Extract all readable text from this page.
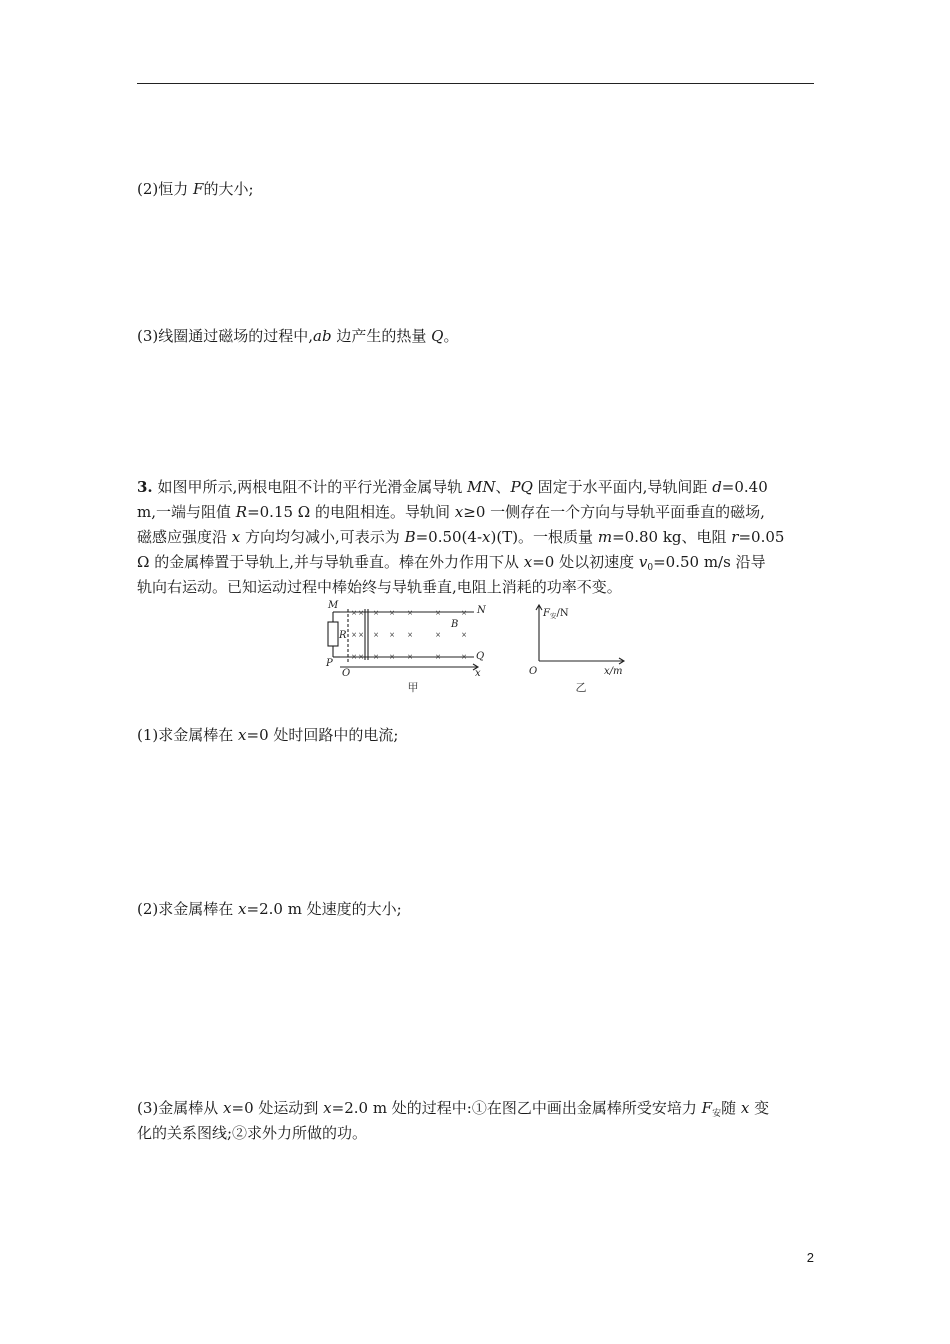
(2)恒力 F的大小;
(3)线圈通过磁场的过程中,ab 边产生的热量 Q。
3. 如图甲所示,两根电阻不计的平行光滑金属导轨 MN、PQ 固定于水平面内,导轨间距 d=0.40
m,一端与阻值 R=0.15 Ω 的电阻相连。导轨间 x≥0 一侧存在一个方向与导轨平面垂直的磁场,
磁感应强度沿 x 方向均匀减小,可表示为 B=0.50(4-x)(T)。一根质量 m=0.80 kg、电阻 r=0.05
Ω 的金属棒置于导轨上,并与导轨垂直。棒在外力作用下从 x=0 处以初速度 $v_0=0.50$ m/s 沿导
轨向右运动。已知运动过程中棒始终与导轨垂直,电阻上消耗的功率不变。
× × × × ×	×	×
× × × × ×	×	×
× × × × ×	×	×
M	N
P
Q
R
B
O	x
甲
$F_安/N$
O	x/m
乙
(1)求金属棒在 x=0 处时回路中的电流;
(2)求金属棒在 x=2.0 m 处速度的大小;
(3)金属棒从 x=0 处运动到 x=2.0 m 处的过程中:①在图乙中画出金属棒所受安培力 $F_安$随 x 变
化的关系图线;②求外力所做的功。
2
